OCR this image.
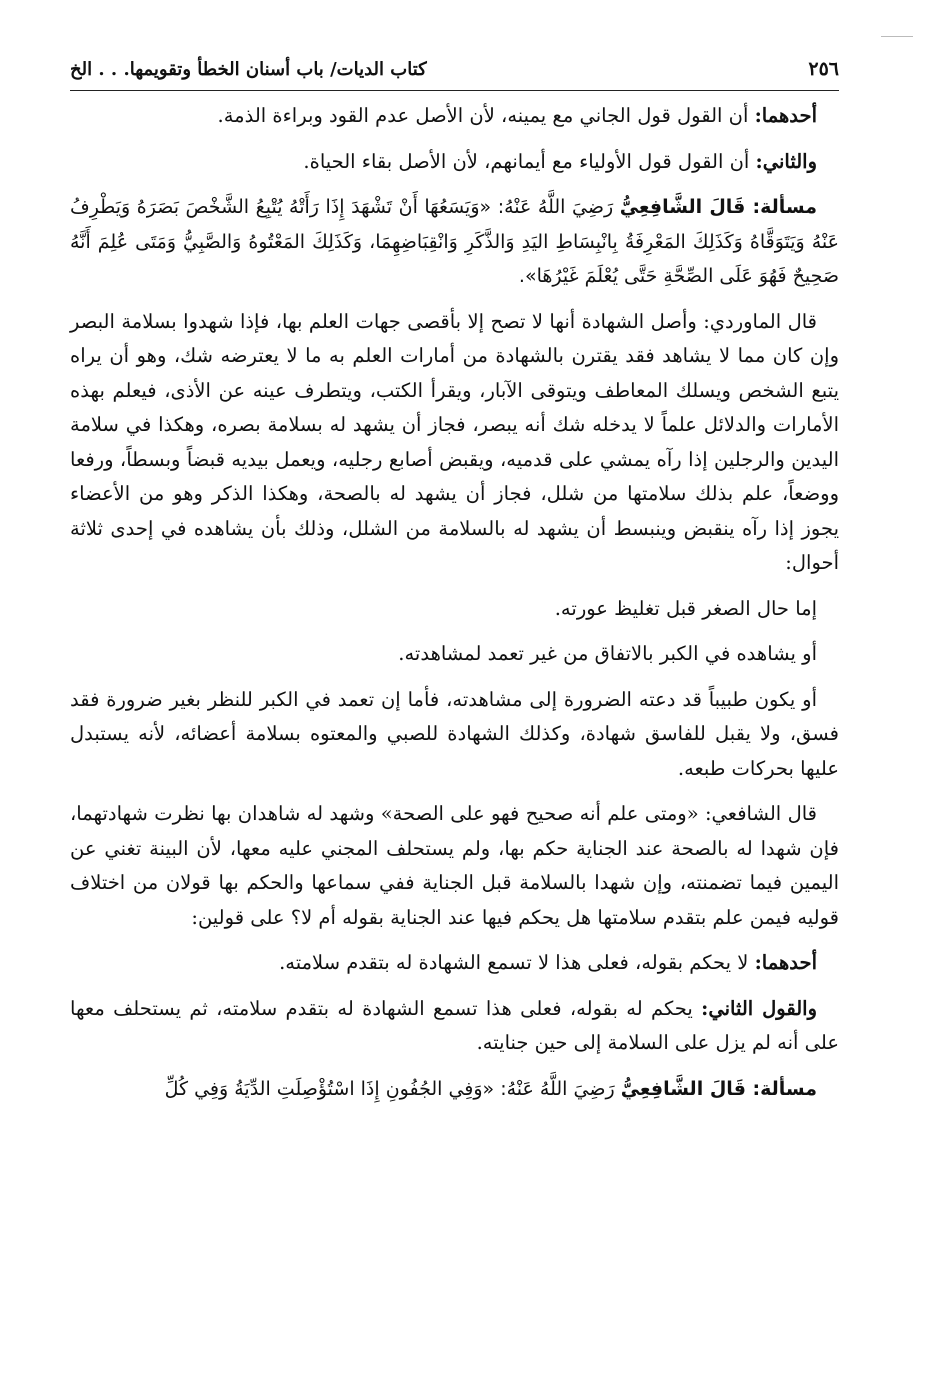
٢٥٦
كتاب الديات/ باب أسنان الخطأ وتقويمها. . . الخ

أحدهما: أن القول قول الجاني مع يمينه، لأن الأصل عدم القود وبراءة الذمة.

والثاني: أن القول قول الأولياء مع أيمانهم، لأن الأصل بقاء الحياة.

مسألة: قَالَ الشَّافِعِيُّ رَضِيَ اللَّهُ عَنْهُ: «وَيَسَعُهَا أَنْ تَشْهَدَ إِذَا رَأَتْهُ يُتْبِعُ الشَّخْصَ بَصَرَهُ وَيَطْرِفُ عَنْهُ وَيَتَوَقَّاهُ وَكَذَلِكَ المَعْرِفَةُ بِانْبِسَاطِ اليَدِ وَالذَّكَرِ وَانْقِبَاضِهِمَا، وَكَذَلِكَ المَعْتُوهُ وَالصَّبِيُّ وَمَتَى عُلِمَ أَنَّهُ صَحِيحٌ فَهُوَ عَلَى الصِّحَّةِ حَتَّى يُعْلَمَ غَيْرُهَا».

قال الماوردي: وأصل الشهادة أنها لا تصح إلا بأقصى جهات العلم بها، فإذا شهدوا بسلامة البصر وإن كان مما لا يشاهد فقد يقترن بالشهادة من أمارات العلم به ما لا يعترضه شك، وهو أن يراه يتبع الشخص ويسلك المعاطف ويتوقى الآبار، ويقرأ الكتب، ويتطرف عينه عن الأذى، فيعلم بهذه الأمارات والدلائل علماً لا يدخله شك أنه يبصر، فجاز أن يشهد له بسلامة بصره، وهكذا في سلامة اليدين والرجلين إذا رآه يمشي على قدميه، ويقبض أصابع رجليه، ويعمل بيديه قبضاً وبسطاً، ورفعا ووضعاً، علم بذلك سلامتها من شلل، فجاز أن يشهد له بالصحة، وهكذا الذكر وهو من الأعضاء يجوز إذا رآه ينقبض وينبسط أن يشهد له بالسلامة من الشلل، وذلك بأن يشاهده في إحدى ثلاثة أحوال:

إما حال الصغر قبل تغليظ عورته.

أو يشاهده في الكبر بالاتفاق من غير تعمد لمشاهدته.

أو يكون طبيباً قد دعته الضرورة إلى مشاهدته، فأما إن تعمد في الكبر للنظر بغير ضرورة فقد فسق، ولا يقبل للفاسق شهادة، وكذلك الشهادة للصبي والمعتوه بسلامة أعضائه، لأنه يستبدل عليها بحركات طبعه.

قال الشافعي: «ومتى علم أنه صحيح فهو على الصحة» وشهد له شاهدان بها نظرت شهادتهما، فإن شهدا له بالصحة عند الجناية حكم بها، ولم يستحلف المجني عليه معها، لأن البينة تغني عن اليمين فيما تضمنته، وإن شهدا بالسلامة قبل الجناية ففي سماعها والحكم بها قولان من اختلاف قوليه فيمن علم بتقدم سلامتها هل يحكم فيها عند الجناية بقوله أم لا؟ على قولين:

أحدهما: لا يحكم بقوله، فعلى هذا لا تسمع الشهادة له بتقدم سلامته.

والقول الثاني: يحكم له بقوله، فعلى هذا تسمع الشهادة له بتقدم سلامته، ثم يستحلف معها على أنه لم يزل على السلامة إلى حين جنايته.

مسألة: قَالَ الشَّافِعِيُّ رَضِيَ اللَّهُ عَنْهُ: «وَفِي الجُفُونِ إِذَا اسْتُؤْصِلَتِ الدِّيَةُ وَفِي كُلِّ
